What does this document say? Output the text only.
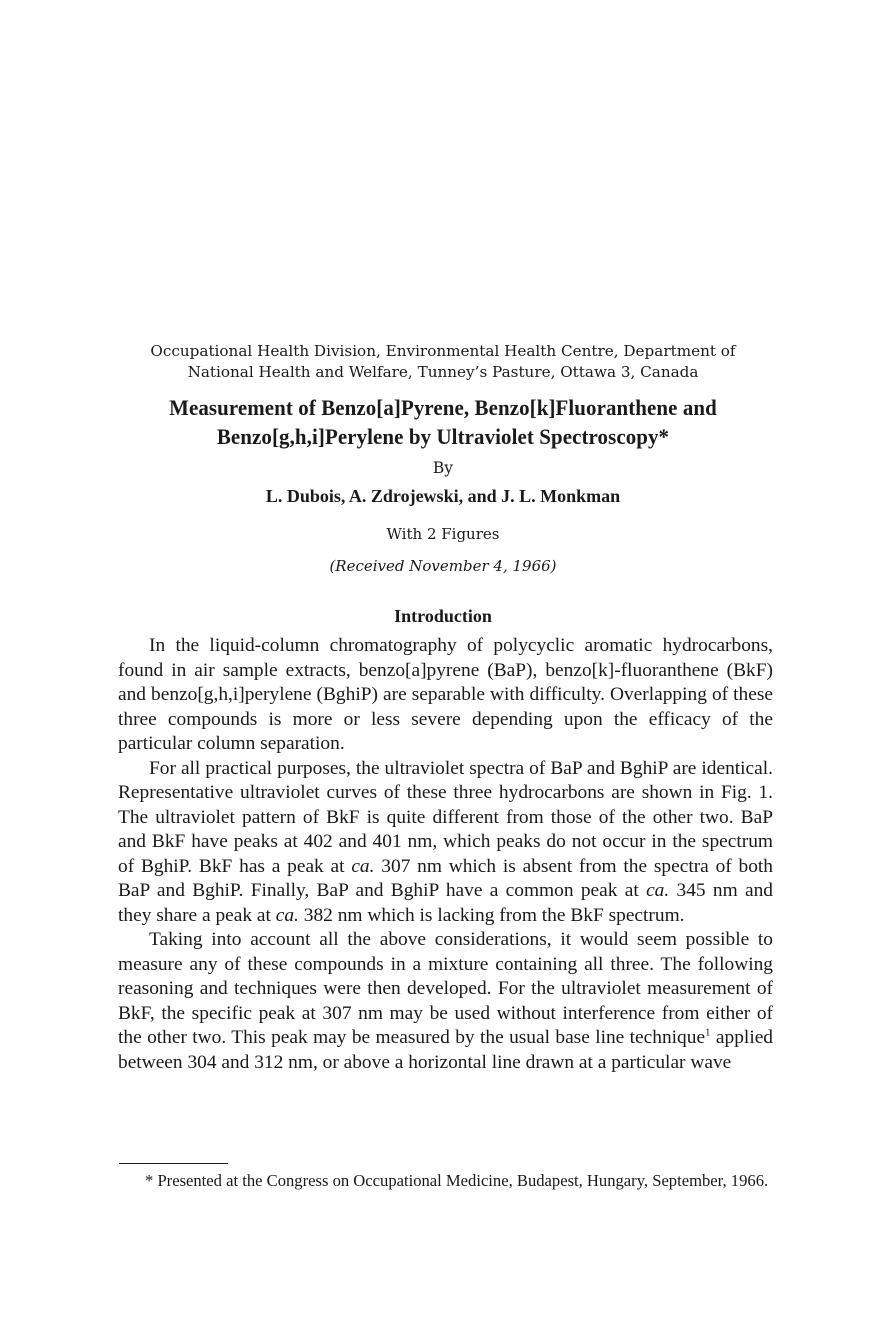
Occupational Health Division, Environmental Health Centre, Department of
National Health and Welfare, Tunney’s Pasture, Ottawa 3, Canada
Measurement of Benzo[a]Pyrene, Benzo[k]Fluoranthene and
Benzo[g,h,i]Perylene by Ultraviolet Spectroscopy*
By
L. Dubois, A. Zdrojewski, and J. L. Monkman
With 2 Figures
(Received November 4, 1966)
Introduction

In the liquid-column chromatography of polycyclic aromatic hydrocarbons, found in air sample extracts, benzo[a]pyrene (BaP), benzo[k]-fluoranthene (BkF) and benzo[g,h,i]perylene (BghiP) are separable with difficulty. Overlapping of these three compounds is more or less severe depending upon the efficacy of the particular column separation.

For all practical purposes, the ultraviolet spectra of BaP and BghiP are identical. Representative ultraviolet curves of these three hydrocarbons are shown in Fig. 1. The ultraviolet pattern of BkF is quite different from those of the other two. BaP and BkF have peaks at 402 and 401 nm, which peaks do not occur in the spectrum of BghiP. BkF has a peak at ca. 307 nm which is absent from the spectra of both BaP and BghiP. Finally, BaP and BghiP have a common peak at ca. 345 nm and they share a peak at ca. 382 nm which is lacking from the BkF spectrum.

Taking into account all the above considerations, it would seem possible to measure any of these compounds in a mixture containing all three. The following reasoning and techniques were then developed. For the ultraviolet measurement of BkF, the specific peak at 307 nm may be used without interference from either of the other two. This peak may be measured by the usual base line technique$^1$ applied between 304 and 312 nm, or above a horizontal line drawn at a particular wave

* Presented at the Congress on Occupational Medicine, Budapest, Hungary, September, 1966.
